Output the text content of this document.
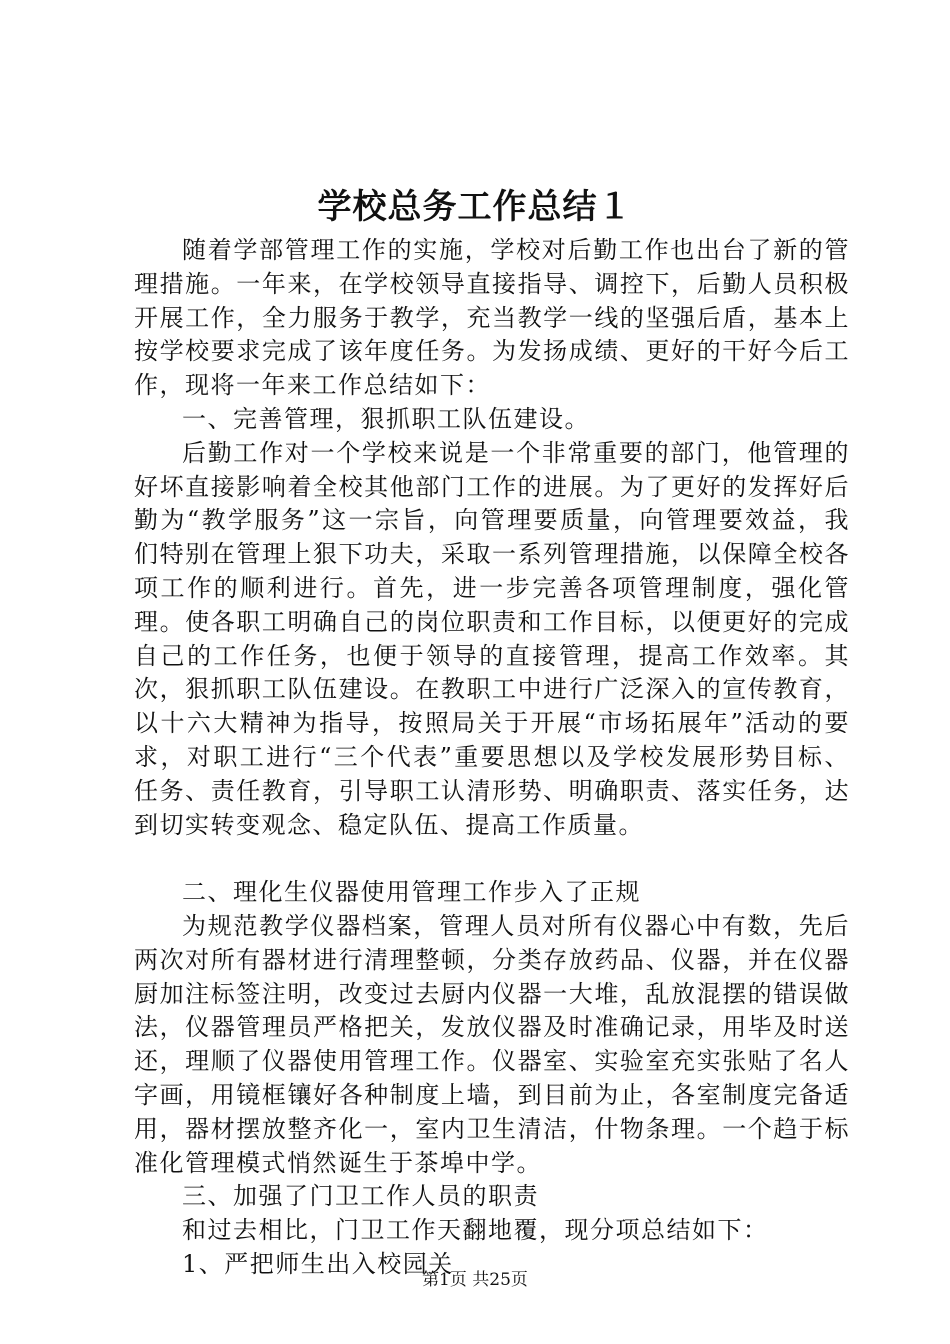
学校总务工作总结１

随着学部管理工作的实施，学校对后勤工作也出台了新的管理措施。一年来，在学校领导直接指导、调控下，后勤人员积极开展工作，全力服务于教学，充当教学一线的坚强后盾，基本上按学校要求完成了该年度任务。为发扬成绩、更好的干好今后工作，现将一年来工作总结如下：

一、完善管理，狠抓职工队伍建设。

后勤工作对一个学校来说是一个非常重要的部门，他管理的好坏直接影响着全校其他部门工作的进展。为了更好的发挥好后勤为“教学服务”这一宗旨，向管理要质量，向管理要效益，我们特别在管理上狠下功夫，采取一系列管理措施，以保障全校各项工作的顺利进行。首先，进一步完善各项管理制度，强化管理。使各职工明确自己的岗位职责和工作目标，以便更好的完成自己的工作任务，也便于领导的直接管理，提高工作效率。其次，狠抓职工队伍建设。在教职工中进行广泛深入的宣传教育，以十六大精神为指导，按照局关于开展“市场拓展年”活动的要求，对职工进行“三个代表”重要思想以及学校发展形势目标、任务、责任教育，引导职工认清形势、明确职责、落实任务，达到切实转变观念、稳定队伍、提高工作质量。

二、理化生仪器使用管理工作步入了正规

为规范教学仪器档案，管理人员对所有仪器心中有数，先后两次对所有器材进行清理整顿，分类存放药品、仪器，并在仪器厨加注标签注明，改变过去厨内仪器一大堆，乱放混摆的错误做法，仪器管理员严格把关，发放仪器及时准确记录，用毕及时送还，理顺了仪器使用管理工作。仪器室、实验室充实张贴了名人字画，用镜框镶好各种制度上墙，到目前为止，各室制度完备适用，器材摆放整齐化一，室内卫生清洁，什物条理。一个趋于标准化管理模式悄然诞生于茶埠中学。

三、加强了门卫工作人员的职责

和过去相比，门卫工作天翻地覆，现分项总结如下：

1、严把师生出入校园关

第1页 共25页
